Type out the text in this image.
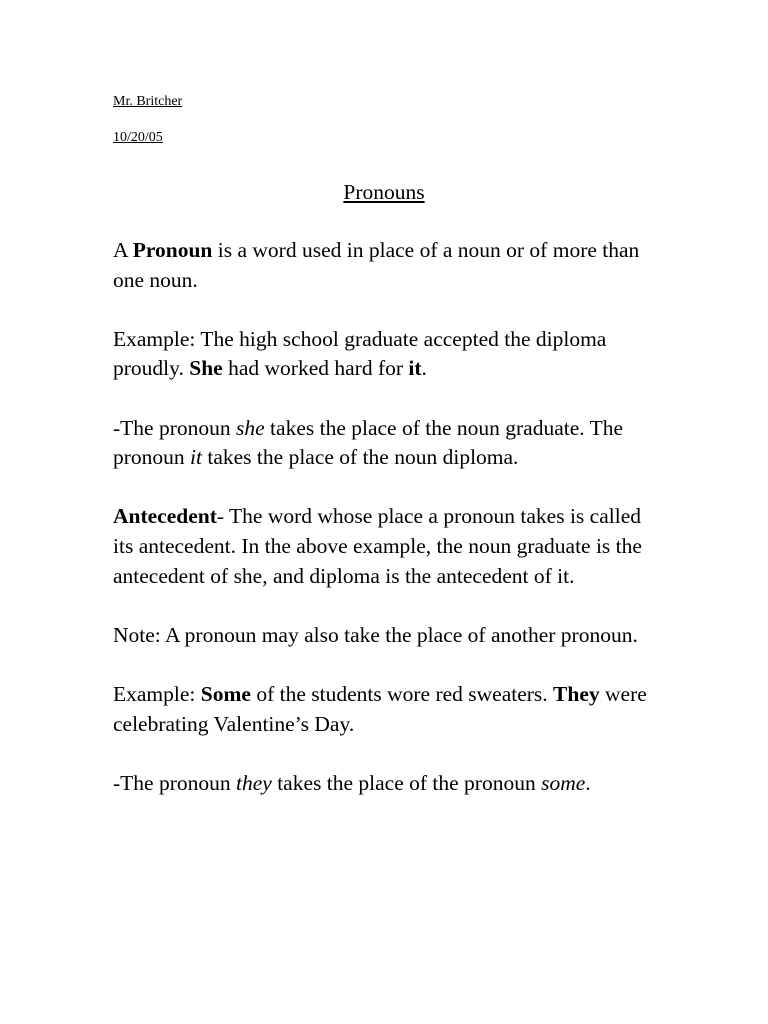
Mr. Britcher
10/20/05
Pronouns

A Pronoun is a word used in place of a noun or of more than one noun.

Example: The high school graduate accepted the diploma proudly. She had worked hard for it.

-The pronoun she takes the place of the noun graduate. The pronoun it takes the place of the noun diploma.

Antecedent- The word whose place a pronoun takes is called its antecedent. In the above example, the noun graduate is the antecedent of she, and diploma is the antecedent of it.

Note: A pronoun may also take the place of another pronoun.

Example: Some of the students wore red sweaters. They were celebrating Valentine’s Day.

-The pronoun they takes the place of the pronoun some.
